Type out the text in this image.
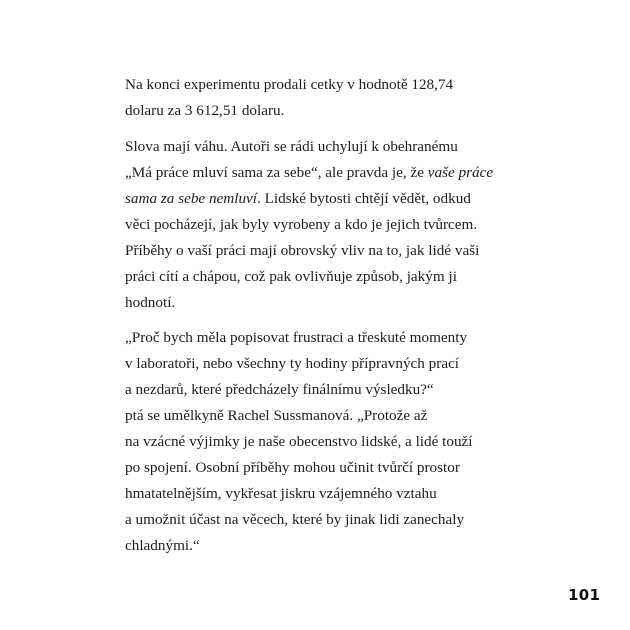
Na konci experimentu prodali cetky v hodnotě 128,74
dolaru za 3 612,51 dolaru.
Slova mají váhu. Autoři se rádi uchylují k obehranému
„Má práce mluví sama za sebe“, ale pravda je, že vaše práce
sama za sebe nemluví. Lidské bytosti chtějí vědět, odkud
věci pocházejí, jak byly vyrobeny a kdo je jejich tvůrcem.
Příběhy o vaší práci mají obrovský vliv na to, jak lidé vaši
práci cítí a chápou, což pak ovlivňuje způsob, jakým ji
hodnotí.
„Proč bych měla popisovat frustraci a třeskuté momenty
v laboratoři, nebo všechny ty hodiny přípravných prací
a nezdarů, které předcházely finálnímu výsledku?“
ptá se umělkyně Rachel Sussmanová. „Protože až
na vzácné výjimky je naše obecenstvo lidské, a lidé touží
po spojení. Osobní příběhy mohou učinit tvůrčí prostor
hmatatelnějším, vykřesat jiskru vzájemného vztahu
a umožnit účast na věcech, které by jinak lidi zanechaly
chladnými.“
101
